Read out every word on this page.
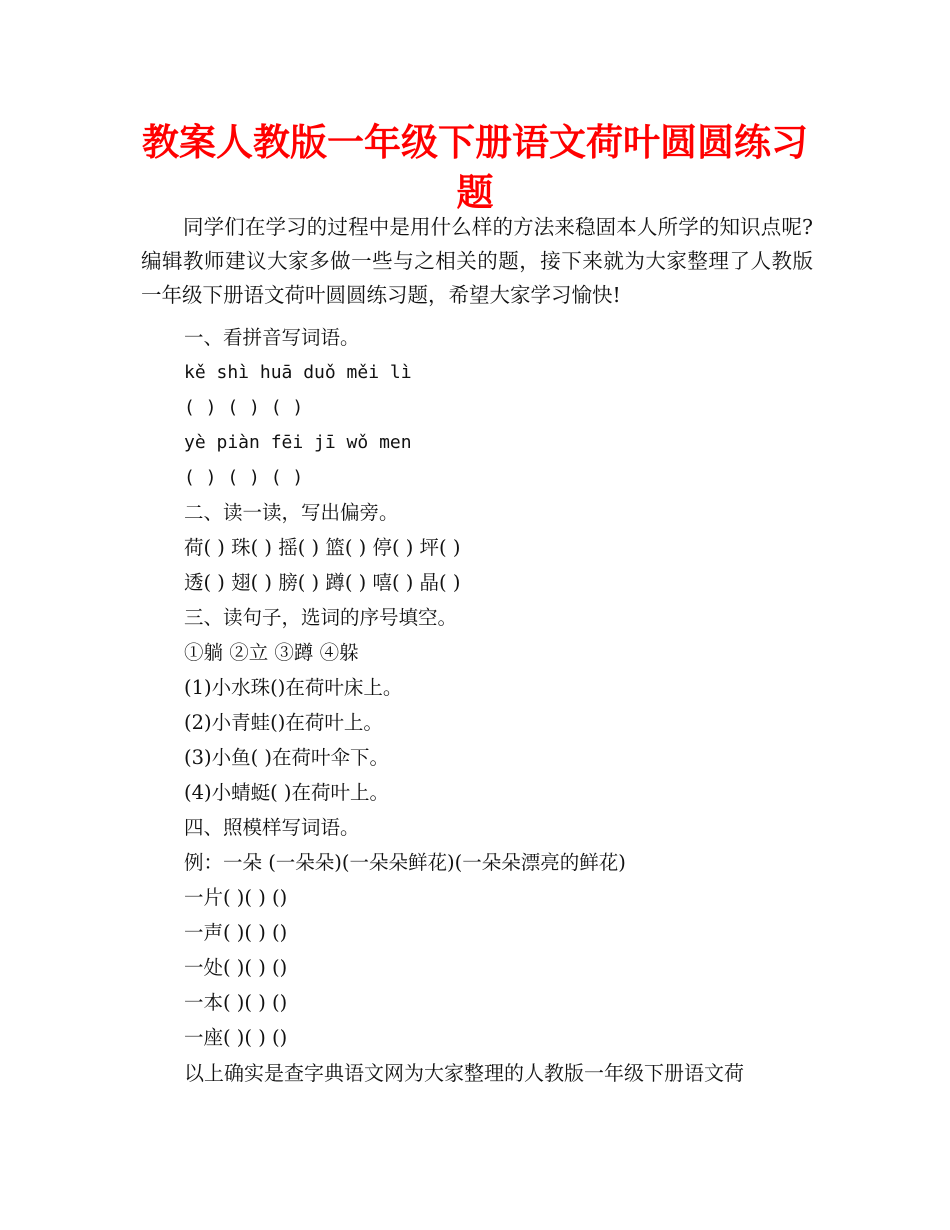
教案人教版一年级下册语文荷叶圆圆练习题

同学们在学习的过程中是用什么样的方法来稳固本人所学的知识点呢?编辑教师建议大家多做一些与之相关的题，接下来就为大家整理了人教版一年级下册语文荷叶圆圆练习题，希望大家学习愉快!

一、看拼音写词语。
kě shì huā duǒ měi lì
( ) ( ) ( )
yè piàn fēi jī wǒ men
( ) ( ) ( )
二、读一读，写出偏旁。
荷( ) 珠( ) 摇( ) 篮( ) 停( ) 坪( )
透( ) 翅( ) 膀( ) 蹲( ) 嘻( ) 晶( )
三、读句子，选词的序号填空。
①躺 ②立 ③蹲 ④躲
(1)小水珠()在荷叶床上。
(2)小青蛙()在荷叶上。
(3)小鱼( )在荷叶伞下。
(4)小蜻蜓( )在荷叶上。
四、照模样写词语。
例：一朵 (一朵朵)(一朵朵鲜花)(一朵朵漂亮的鲜花)
一片( )( ) ()
一声( )( ) ()
一处( )( ) ()
一本( )( ) ()
一座( )( ) ()

以上确实是查字典语文网为大家整理的人教版一年级下册语文荷
